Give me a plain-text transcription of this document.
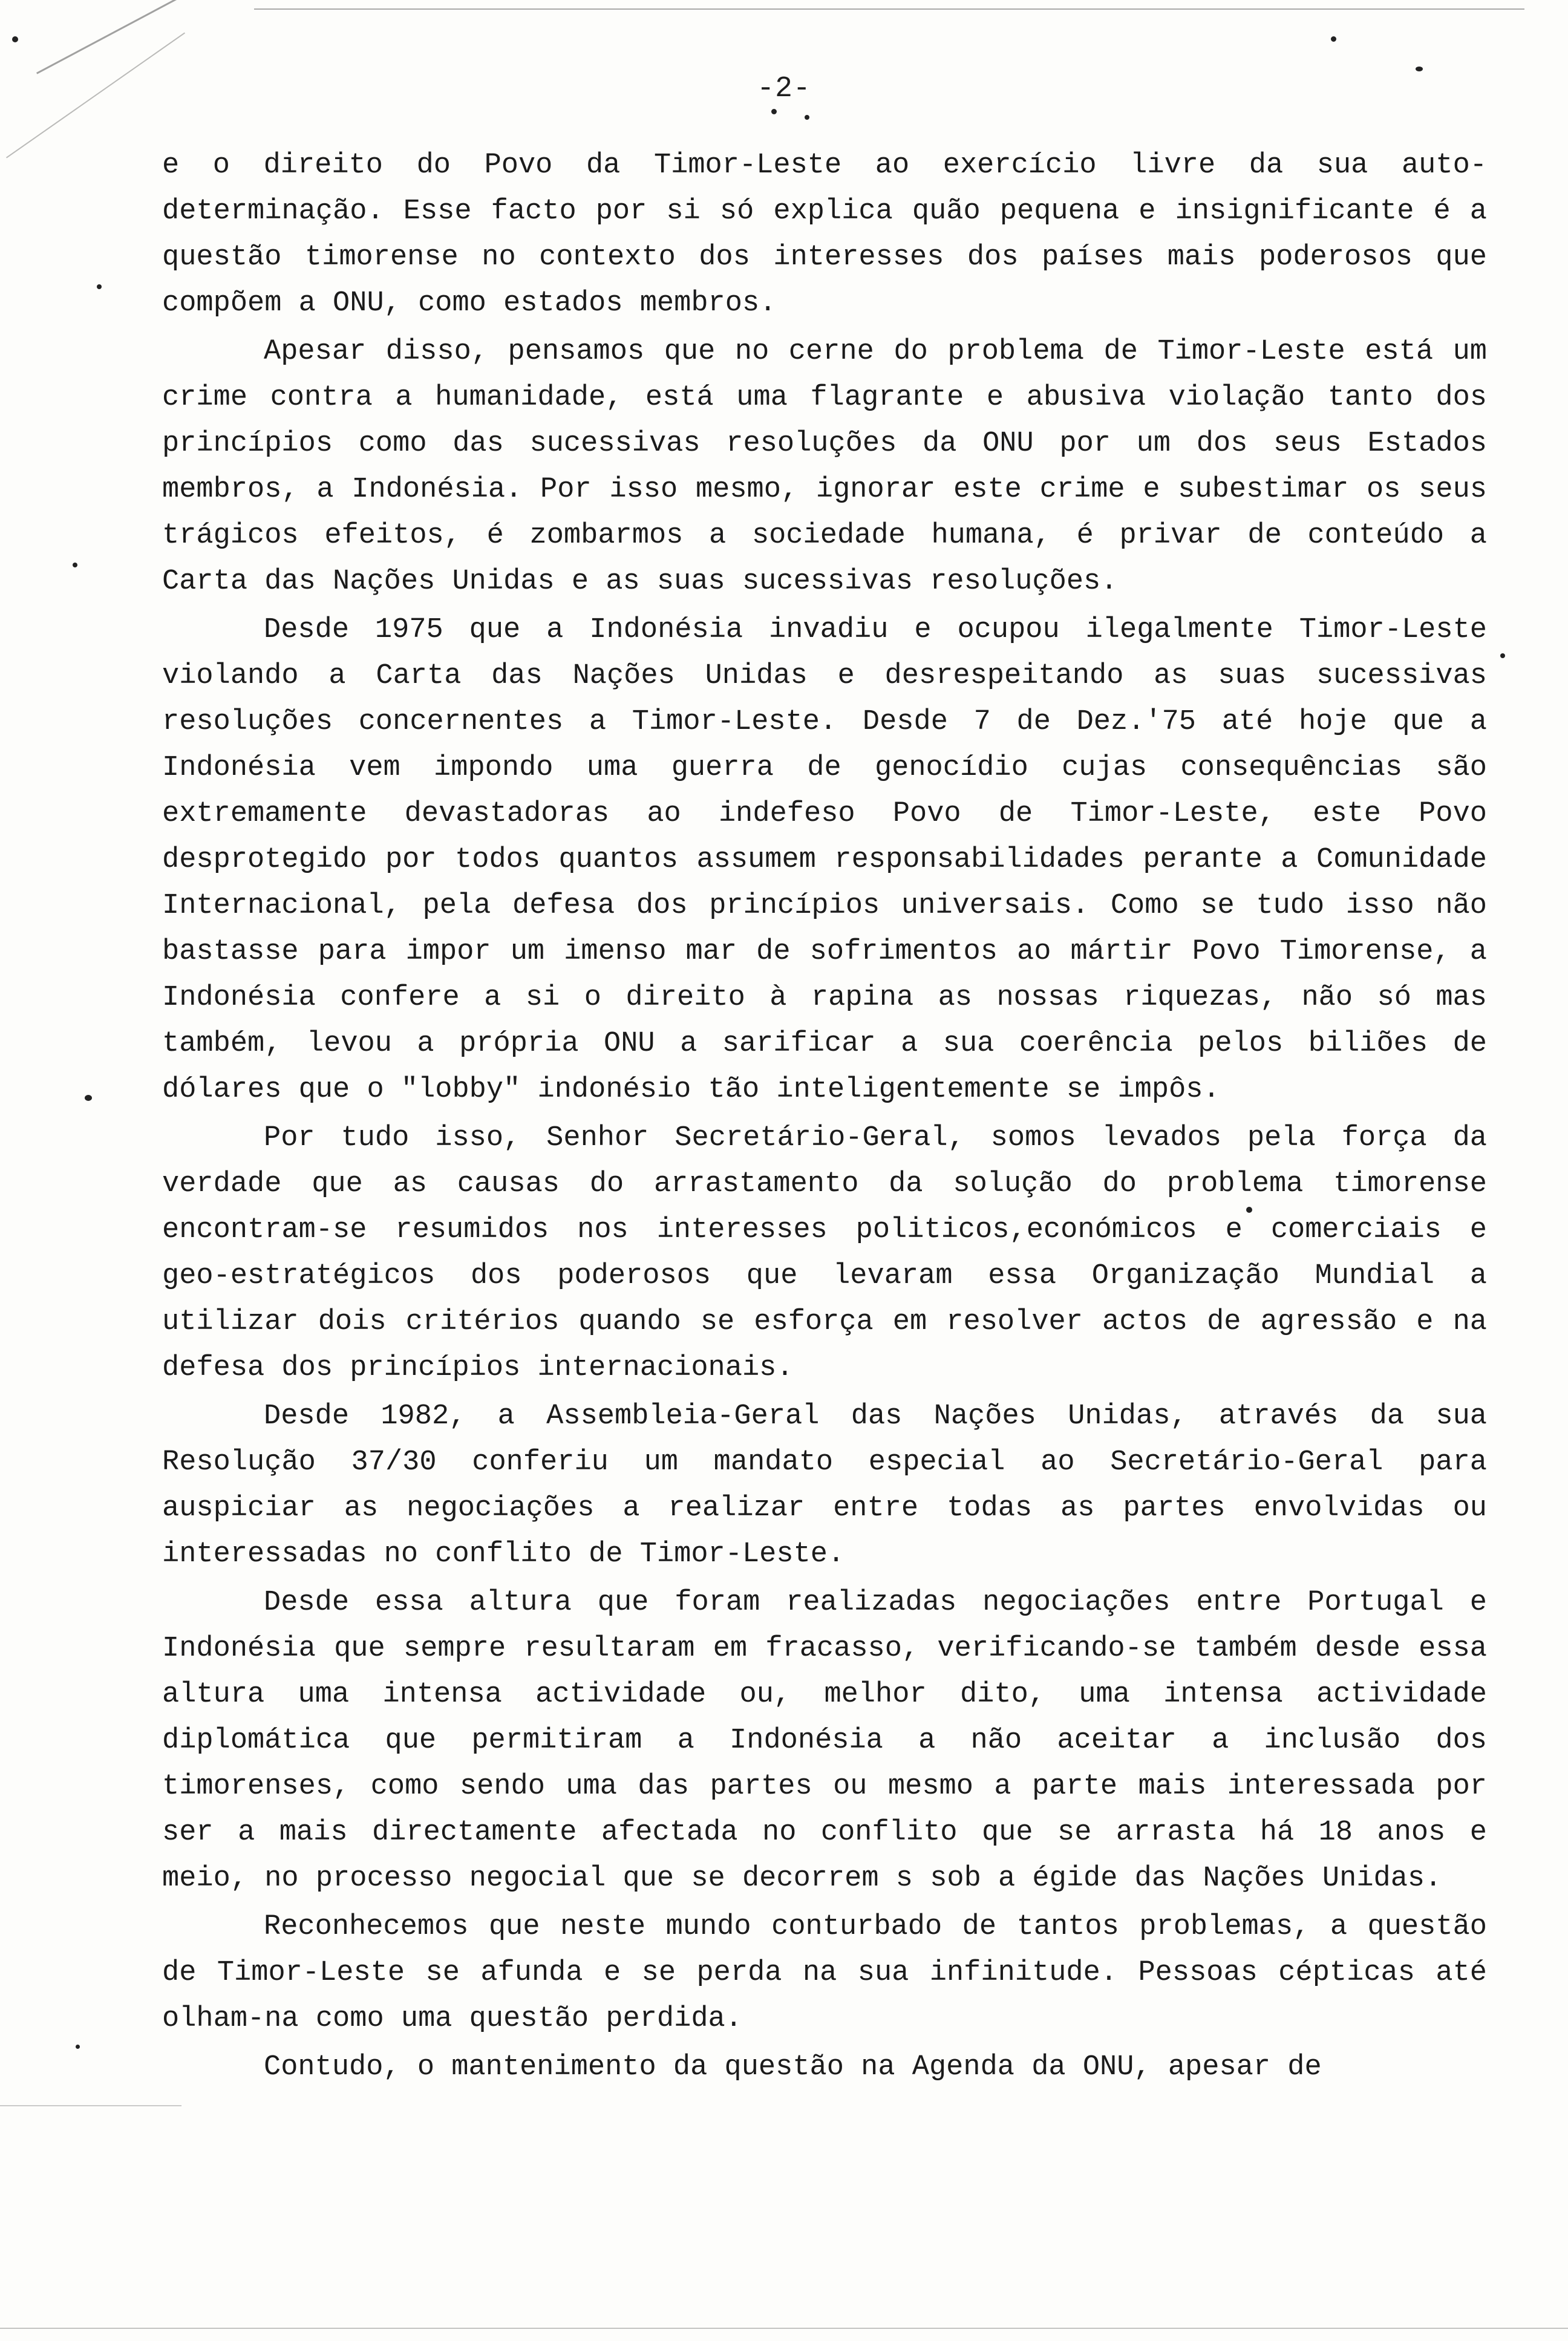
-2-

e o direito do Povo da Timor-Leste ao exercício livre da sua auto-determinação. Esse facto por si só explica quão pequena e insignificante é a questão timorense no contexto dos interesses dos países mais poderosos que compõem a ONU, como estados membros.

Apesar disso, pensamos que no cerne do problema de Timor-Leste está um crime contra a humanidade, está uma flagrante e abusiva violação tanto dos princípios como das sucessivas resoluções da ONU por um dos seus Estados membros, a Indonésia. Por isso mesmo, ignorar este crime e subestimar os seus trágicos efeitos, é zombarmos a sociedade humana, é privar de conteúdo a Carta das Nações Unidas e as suas sucessivas resoluções.

Desde 1975 que a Indonésia invadiu e ocupou ilegalmente Timor-Leste violando a Carta das Nações Unidas e desrespeitando as suas sucessivas resoluções concernentes a Timor-Leste. Desde 7 de Dez.'75 até hoje que a Indonésia vem impondo uma guerra de genocídio cujas consequências são extremamente devastadoras ao indefeso Povo de Timor-Leste, este Povo desprotegido por todos quantos assumem responsabilidades perante a Comunidade Internacional, pela defesa dos princípios universais. Como se tudo isso não bastasse para impor um imenso mar de sofrimentos ao mártir Povo Timorense, a Indonésia confere a si o direito à rapina as nossas riquezas, não só mas também, levou a própria ONU a sarificar a sua coerência pelos biliões de dólares que o "lobby" indonésio tão inteligentemente se impôs.

Por tudo isso, Senhor Secretário-Geral, somos levados pela força da verdade que as causas do arrastamento da solução do problema timorense encontram-se resumidos nos interesses politicos,económicos e comerciais e geo-estratégicos dos poderosos que levaram essa Organização Mundial a utilizar dois critérios quando se esforça em resolver actos de agressão e na defesa dos princípios internacionais.

Desde 1982, a Assembleia-Geral das Nações Unidas, através da sua Resolução 37/30 conferiu um mandato especial ao Secretário-Geral para auspiciar as negociações a realizar entre todas as partes envolvidas ou interessadas no conflito de Timor-Leste.

Desde essa altura que foram realizadas negociações entre Portugal e Indonésia que sempre resultaram em fracasso, verificando-se também desde essa altura uma intensa actividade ou, melhor dito, uma intensa actividade diplomática que permitiram a Indonésia a não aceitar a inclusão dos timorenses, como sendo uma das partes ou mesmo a parte mais interessada por ser a mais directamente afectada no conflito que se arrasta há 18 anos e meio, no processo negocial que se decorrem s sob a égide das Nações Unidas.

Reconhecemos que neste mundo conturbado de tantos problemas, a questão de Timor-Leste se afunda e se perda na sua infinitude. Pessoas cépticas até olham-na como uma questão perdida.

Contudo, o mantenimento da questão na Agenda da ONU, apesar de
